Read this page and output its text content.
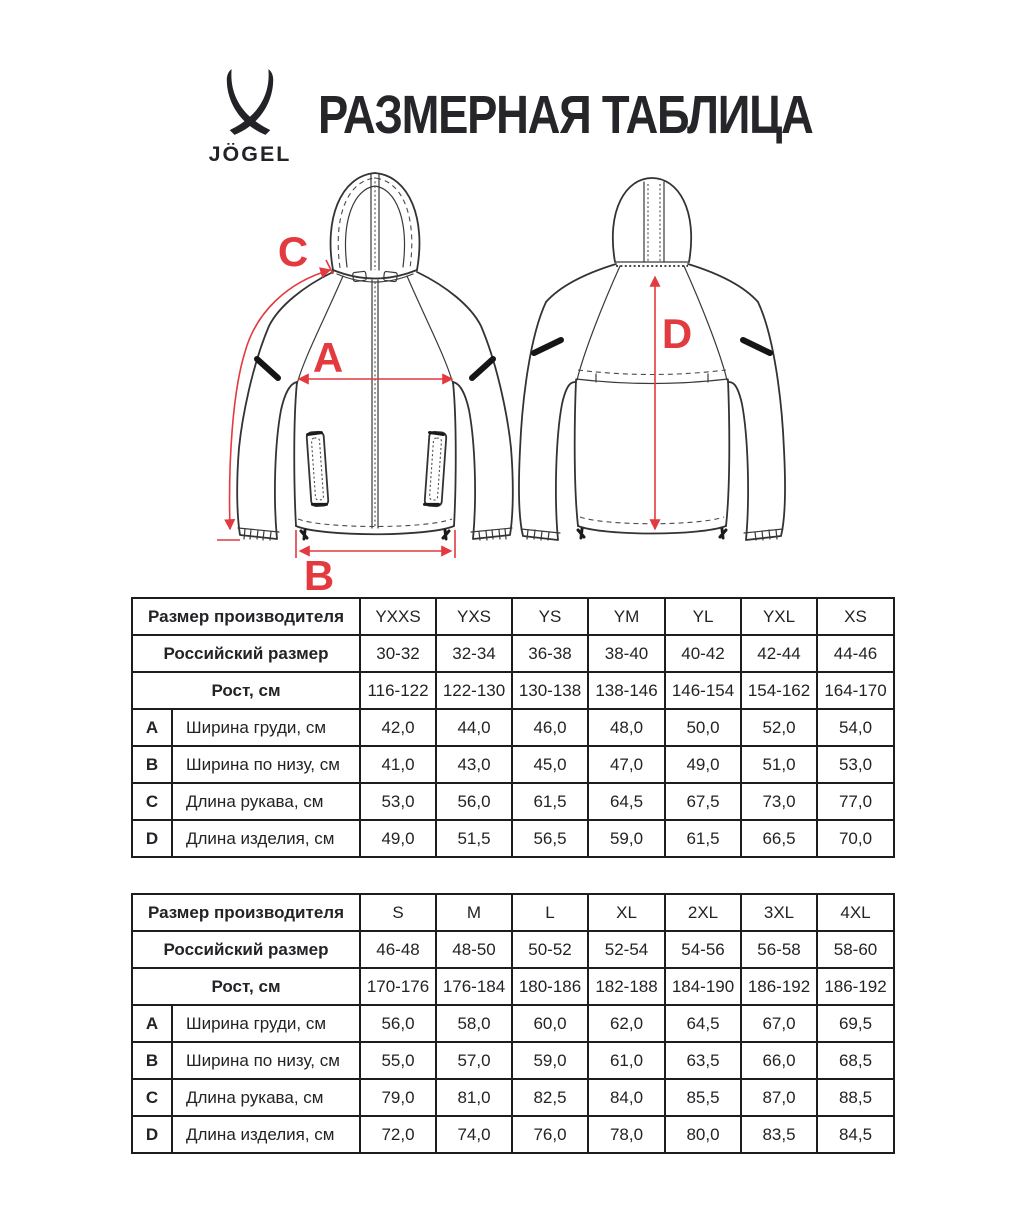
JÖGEL
РАЗМЕРНАЯ ТАБЛИЦА
A
B
C
D
Размер производителя		YXXS	YXS	YS	YM	YL	YXL	XS
Российский размер		30-32	32-34	36-38	38-40	40-42	42-44	44-46
Рост, см		116-122	122-130	130-138	138-146	146-154	154-162	164-170
A	Ширина груди, см	42,0	44,0	46,0	48,0	50,0	52,0	54,0
B	Ширина по низу, см	41,0	43,0	45,0	47,0	49,0	51,0	53,0
C	Длина рукава, см	53,0	56,0	61,5	64,5	67,5	73,0	77,0
D	Длина изделия, см	49,0	51,5	56,5	59,0	61,5	66,5	70,0
Размер производителя		S	M	L	XL	2XL	3XL	4XL
Российский размер		46-48	48-50	50-52	52-54	54-56	56-58	58-60
Рост, см		170-176	176-184	180-186	182-188	184-190	186-192	186-192
A	Ширина груди, см	56,0	58,0	60,0	62,0	64,5	67,0	69,5
B	Ширина по низу, см	55,0	57,0	59,0	61,0	63,5	66,0	68,5
C	Длина рукава, см	79,0	81,0	82,5	84,0	85,5	87,0	88,5
D	Длина изделия, см	72,0	74,0	76,0	78,0	80,0	83,5	84,5
